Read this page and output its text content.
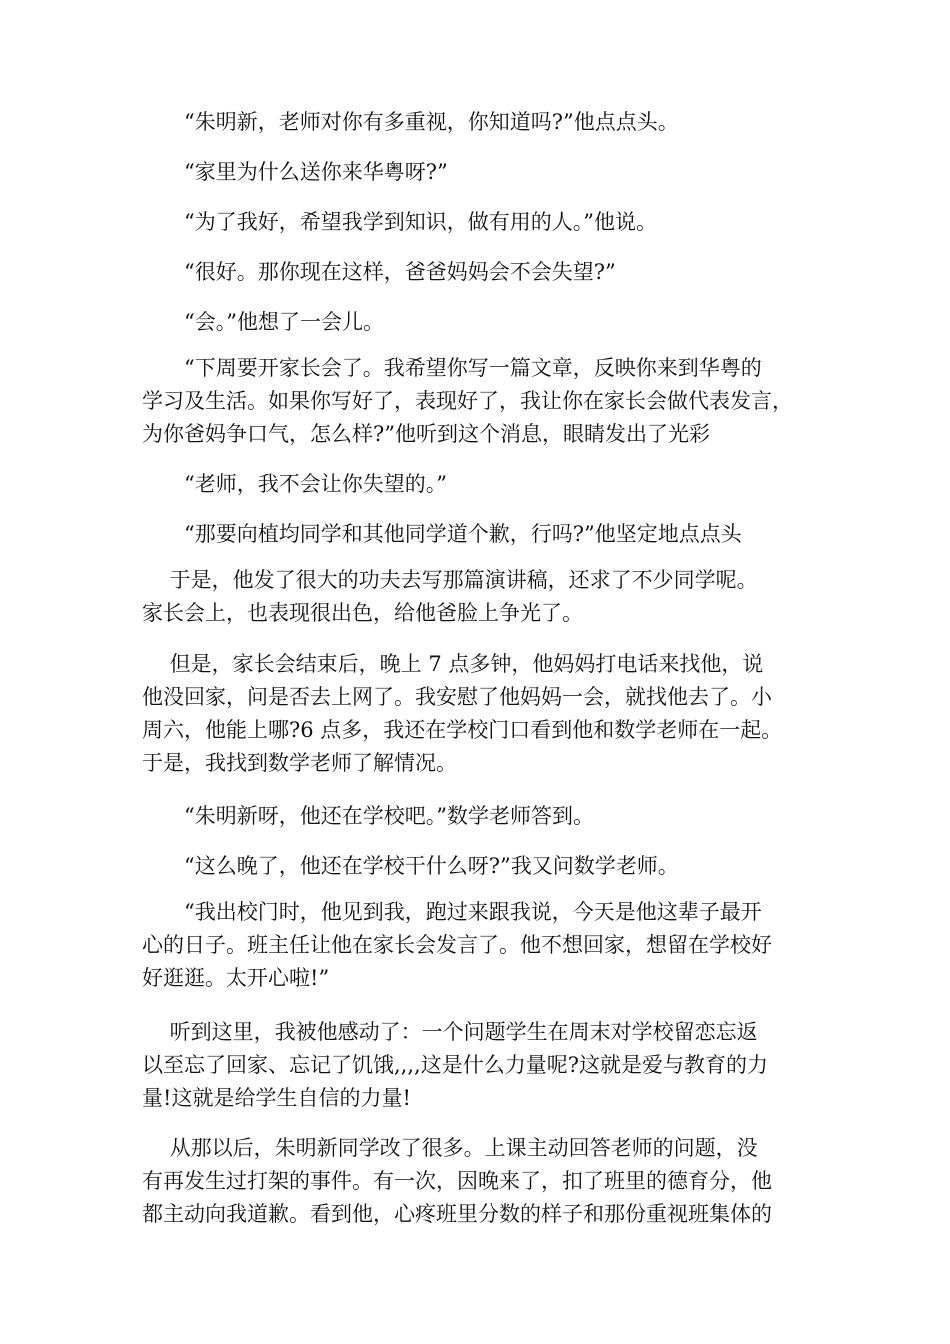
　　“朱明新，老师对你有多重视，你知道吗?”他点点头。

　　“家里为什么送你来华粤呀?”

　　“为了我好，希望我学到知识，做有用的人。”他说。

　　“很好。那你现在这样，爸爸妈妈会不会失望?”

　　“会。”他想了一会儿。

　　“下周要开家长会了。我希望你写一篇文章，反映你来到华粤的
学习及生活。如果你写好了，表现好了，我让你在家长会做代表发言，
为你爸妈争口气，怎么样?”他听到这个消息，眼睛发出了光彩

　　“老师，我不会让你失望的。”

　　“那要向植均同学和其他同学道个歉，行吗?”他坚定地点点头

　 于是，他发了很大的功夫去写那篇演讲稿，还求了不少同学呢。
家长会上，也表现很出色，给他爸脸上争光了。

　 但是，家长会结束后，晚上 7 点多钟，他妈妈打电话来找他，说
他没回家，问是否去上网了。我安慰了他妈妈一会，就找他去了。小
周六，他能上哪?6 点多，我还在学校门口看到他和数学老师在一起。
于是，我找到数学老师了解情况。

　　“朱明新呀，他还在学校吧。”数学老师答到。

　　“这么晚了，他还在学校干什么呀?”我又问数学老师。

　　“我出校门时，他见到我，跑过来跟我说，今天是他这辈子最开
心的日子。班主任让他在家长会发言了。他不想回家，想留在学校好
好逛逛。太开心啦!”

　 听到这里，我被他感动了：一个问题学生在周末对学校留恋忘返
以至忘了回家、忘记了饥饿,,,,这是什么力量呢?这就是爱与教育的力
量!这就是给学生自信的力量!

　 从那以后，朱明新同学改了很多。上课主动回答老师的问题，没
有再发生过打架的事件。有一次，因晚来了，扣了班里的德育分，他
都主动向我道歉。看到他，心疼班里分数的样子和那份重视班集体的
